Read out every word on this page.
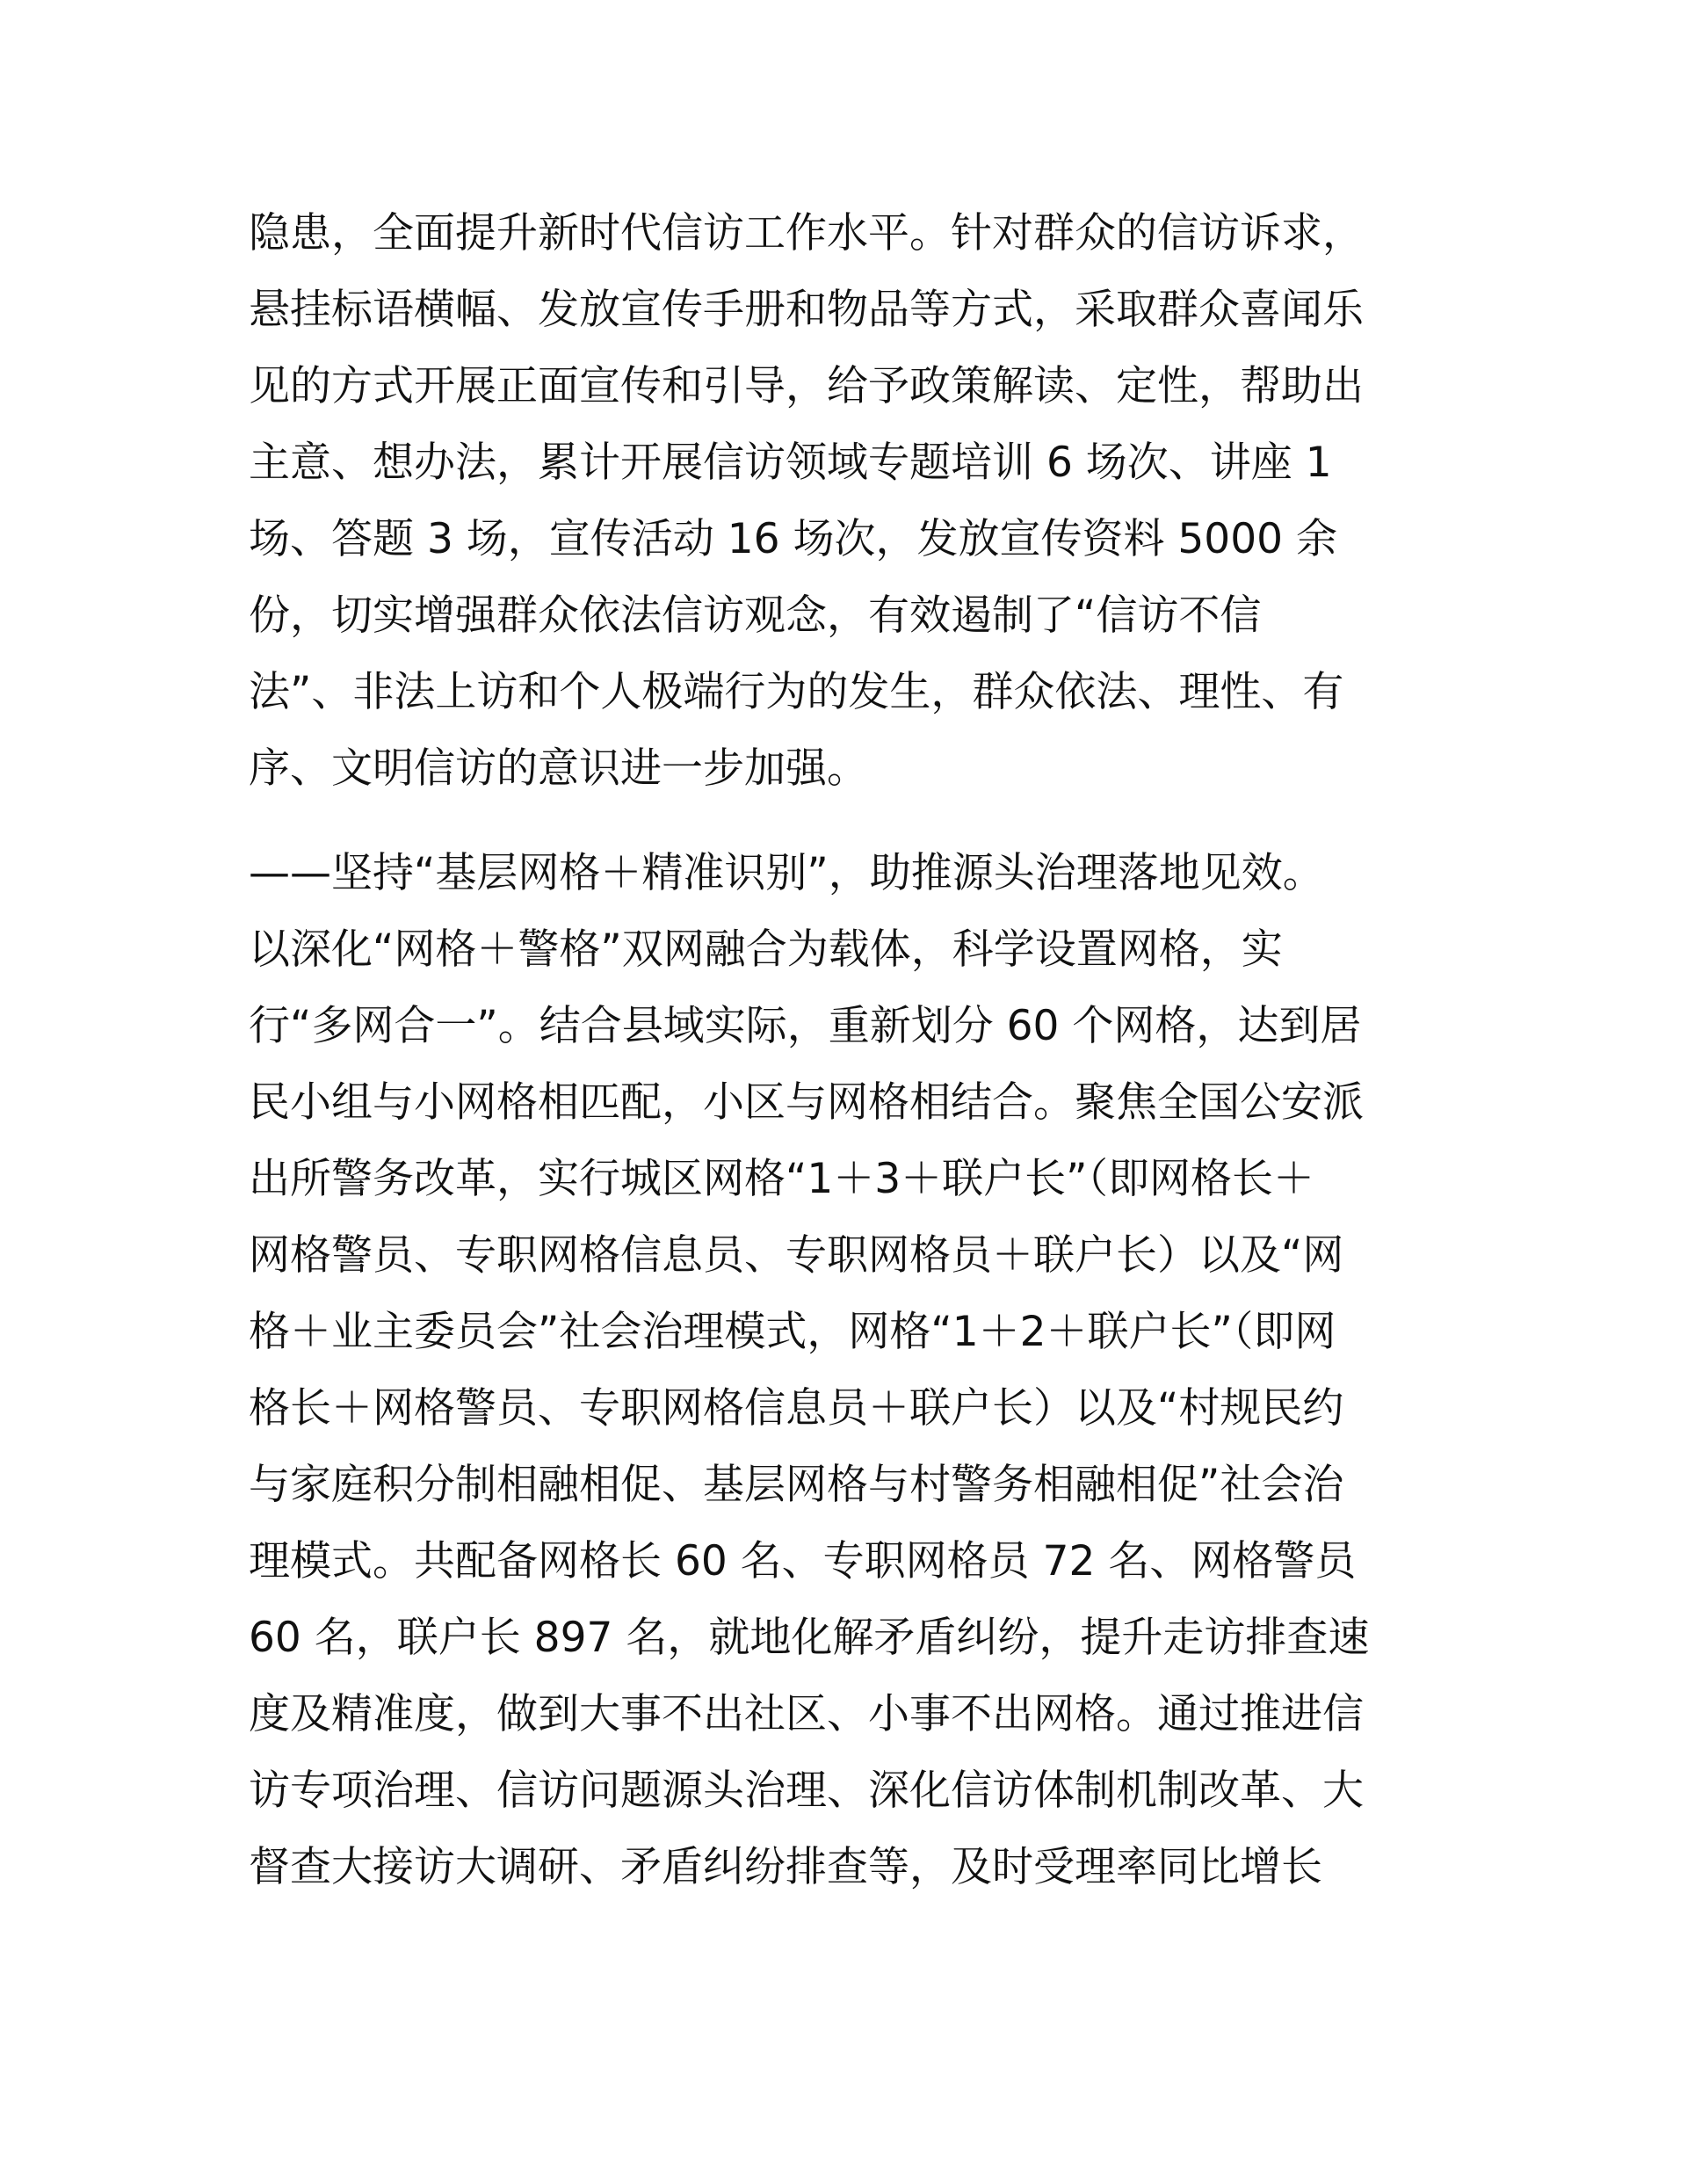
隐患，全面提升新时代信访工作水平。针对群众的信访诉求，
悬挂标语横幅、发放宣传手册和物品等方式，采取群众喜闻乐
见的方式开展正面宣传和引导，给予政策解读、定性，帮助出
主意、想办法，累计开展信访领域专题培训 6 场次、讲座 1
场、答题 3 场，宣传活动 16 场次，发放宣传资料 5000 余
份，切实增强群众依法信访观念，有效遏制了“信访不信
法”、非法上访和个人极端行为的发生，群众依法、理性、有
序、文明信访的意识进一步加强。
——坚持“基层网格＋精准识别”，助推源头治理落地见效。
以深化“网格＋警格”双网融合为载体，科学设置网格，实
行“多网合一”。结合县域实际，重新划分 60 个网格，达到居
民小组与小网格相匹配，小区与网格相结合。聚焦全国公安派
出所警务改革，实行城区网格“1＋3＋联户长”（即网格长＋
网格警员、专职网格信息员、专职网格员＋联户长）以及“网
格＋业主委员会”社会治理模式，网格“1＋2＋联户长”（即网
格长＋网格警员、专职网格信息员＋联户长）以及“村规民约
与家庭积分制相融相促、基层网格与村警务相融相促”社会治
理模式。共配备网格长 60 名、专职网格员 72 名、网格警员
60 名，联户长 897 名，就地化解矛盾纠纷，提升走访排查速
度及精准度，做到大事不出社区、小事不出网格。通过推进信
访专项治理、信访问题源头治理、深化信访体制机制改革、大
督查大接访大调研、矛盾纠纷排查等，及时受理率同比增长
